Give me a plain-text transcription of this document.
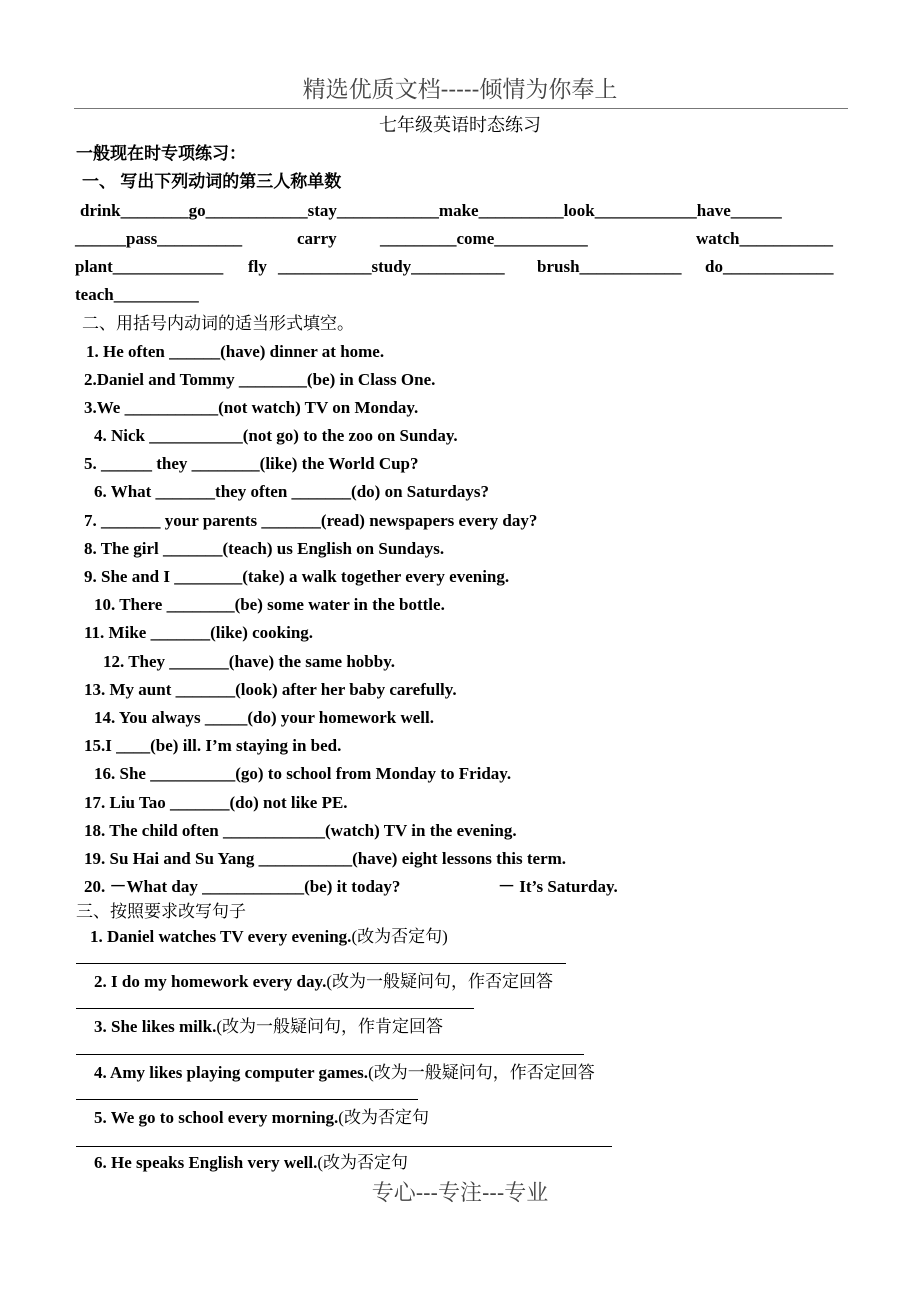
精选优质文档-----倾情为你奉上
七年级英语时态练习
一般现在时专项练习：
一、 写出下列动词的第三人称单数
drink________go____________stay____________make__________look____________have______
______pass__________	carry	_________come___________	watch___________
plant_____________ fly ___________study___________ brush____________ do_____________
teach__________
二、用括号内动词的适当形式填空。
1. He often ______(have) dinner at home.
2.Daniel and Tommy ________(be) in Class One.
3.We ___________(not watch) TV on Monday.
4. Nick ___________(not go) to the zoo on Sunday.
5. ______ they ________(like) the World Cup?
6. What _______they often _______(do) on Saturdays?
7. _______ your parents _______(read) newspapers every day?
8. The girl _______(teach) us English on Sundays.
9. She and I ________(take) a walk together every evening.
10. There ________(be) some water in the bottle.
11. Mike _______(like) cooking.
12. They _______(have) the same hobby.
13. My aunt _______(look) after her baby carefully.
14. You always _____(do) your homework well.
15.I ____(be) ill. I’m staying in bed.
16. She __________(go) to school from Monday to Friday.
17. Liu Tao _______(do) not like PE.
18. The child often ____________(watch) TV in the evening.
19. Su Hai and Su Yang ___________(have) eight lessons this term.
20. －What day ____________(be) it today?	－ It’s Saturday.
三、按照要求改写句子
1. Daniel watches TV every evening.(改为否定句)
2. I do my homework every day.(改为一般疑问句，作否定回答
3. She likes milk.(改为一般疑问句，作肯定回答
4. Amy likes playing computer games.(改为一般疑问句，作否定回答
5. We go to school every morning.(改为否定句
6. He speaks English very well.(改为否定句
专心---专注---专业
